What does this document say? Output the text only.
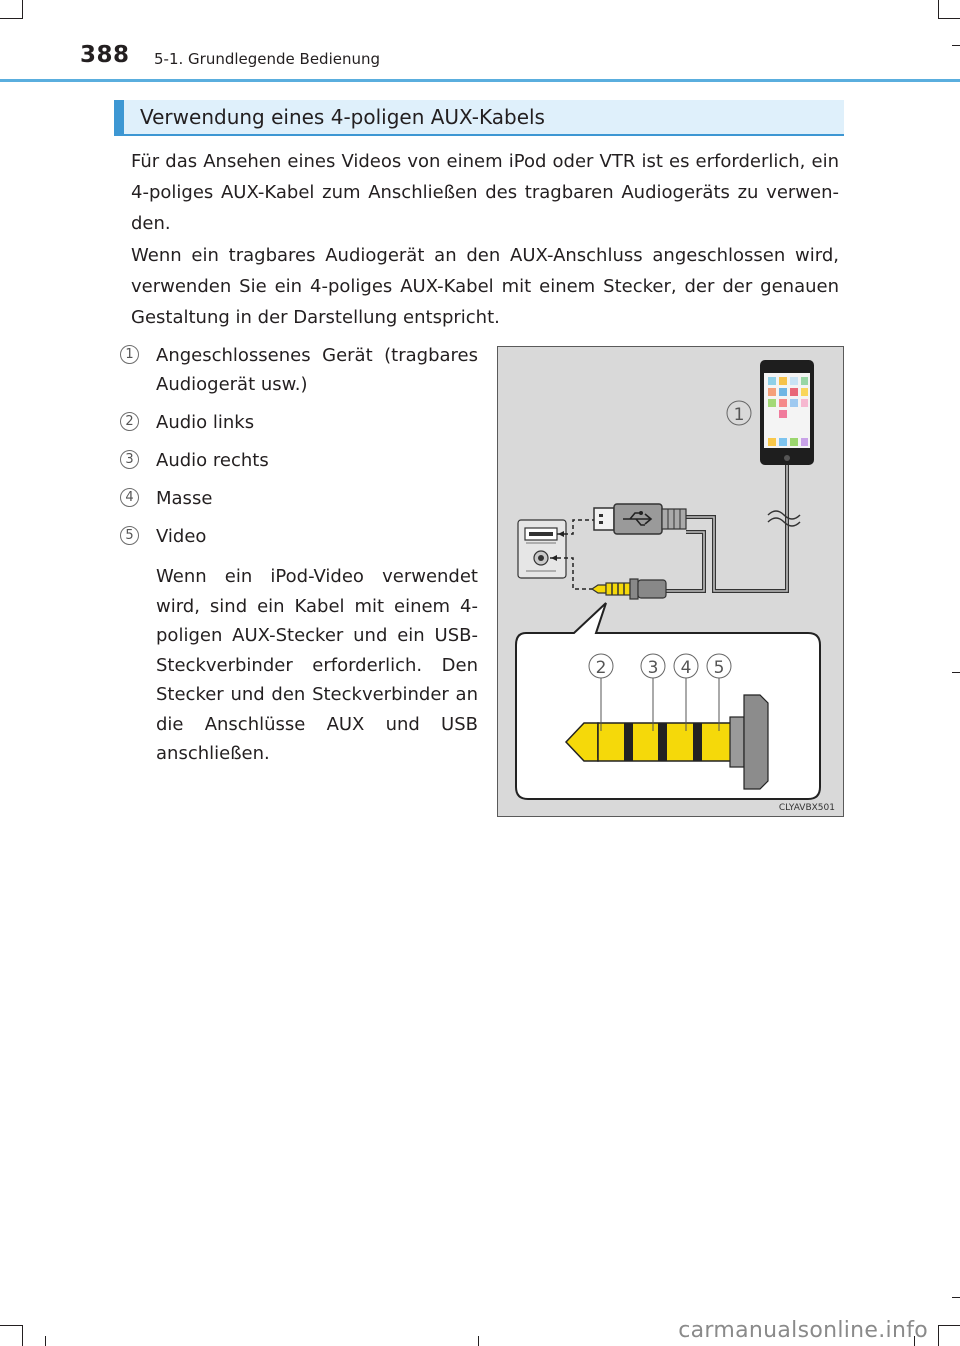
388 5-1. Grundlegende Bedienung
Verwendung eines 4-poligen AUX-Kabels

Für das Ansehen eines Videos von einem iPod oder VTR ist es erforderlich, ein 4-poliges AUX-Kabel zum Anschließen des tragbaren Audiogeräts zu verwen-den.

Wenn ein tragbares Audiogerät an den AUX-Anschluss angeschlossen wird, verwenden Sie ein 4-poliges AUX-Kabel mit einem Stecker, der der genauen Gestaltung in der Darstellung entspricht.

1 Angeschlossenes Gerät (tragbares Audiogerät usw.)
2 Audio links
3 Audio rechts
4 Masse
5 Video

Wenn ein iPod-Video verwendet wird, sind ein Kabel mit einem 4-poligen AUX-Stecker und ein USB-Steckverbinder erforderlich. Den Stecker und den Steckverbinder an die Anschlüsse AUX und USB anschließen.

1
2 3 4 5
CLYAVBX501
carmanualsonline.info
